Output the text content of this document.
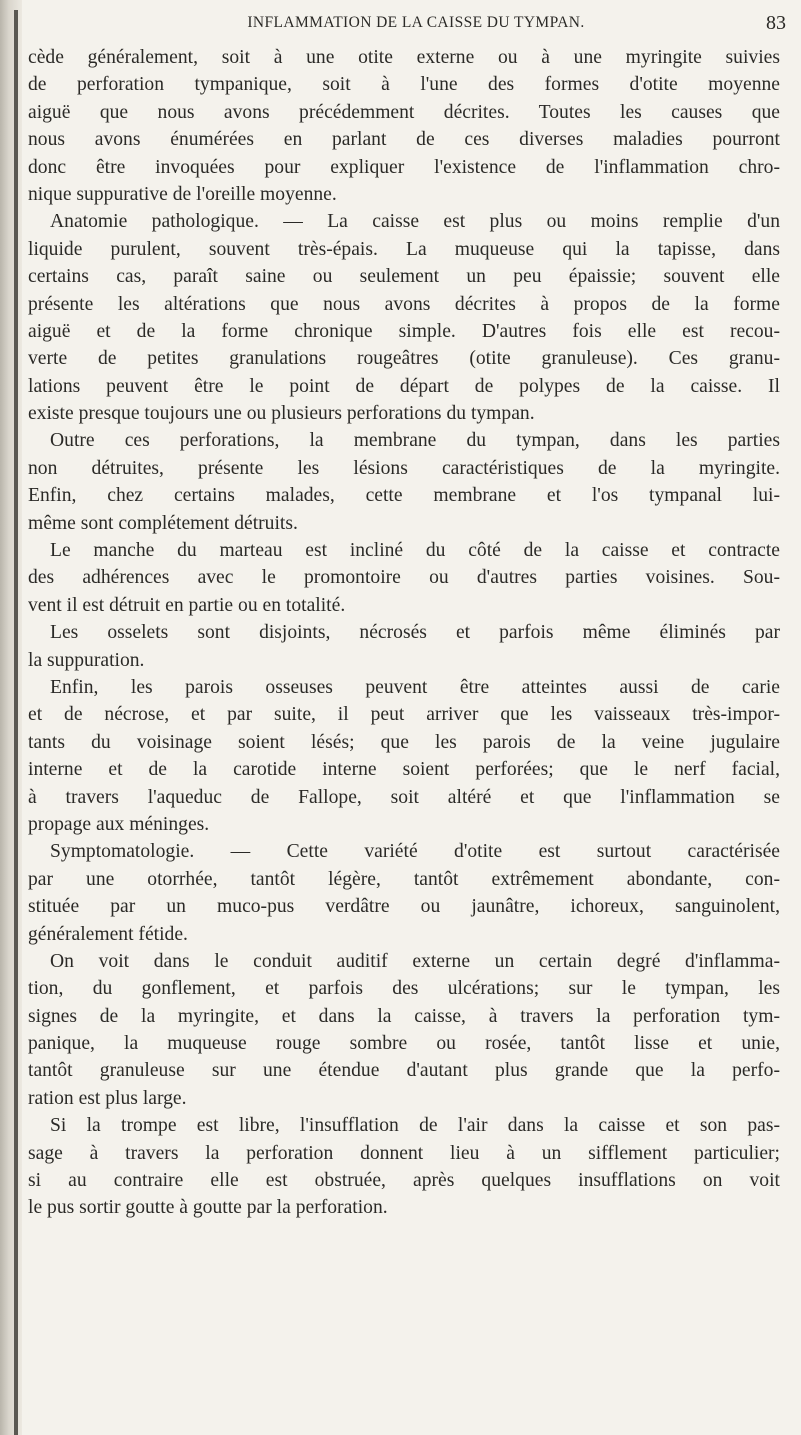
INFLAMMATION DE LA CAISSE DU TYMPAN.	83
cède généralement, soit à une otite externe ou à une myringite suivies
de perforation tympanique, soit à l'une des formes d'otite moyenne
aiguë que nous avons précédemment décrites. Toutes les causes que
nous avons énumérées en parlant de ces diverses maladies pourront
donc être invoquées pour expliquer l'existence de l'inflammation chro-
nique suppurative de l'oreille moyenne.
Anatomie pathologique. — La caisse est plus ou moins remplie d'un
liquide purulent, souvent très-épais. La muqueuse qui la tapisse, dans
certains cas, paraît saine ou seulement un peu épaissie; souvent elle
présente les altérations que nous avons décrites à propos de la forme
aiguë et de la forme chronique simple. D'autres fois elle est recou-
verte de petites granulations rougeâtres (otite granuleuse). Ces granu-
lations peuvent être le point de départ de polypes de la caisse. Il
existe presque toujours une ou plusieurs perforations du tympan.
Outre ces perforations, la membrane du tympan, dans les parties
non détruites, présente les lésions caractéristiques de la myringite.
Enfin, chez certains malades, cette membrane et l'os tympanal lui-
même sont complétement détruits.
Le manche du marteau est incliné du côté de la caisse et contracte
des adhérences avec le promontoire ou d'autres parties voisines. Sou-
vent il est détruit en partie ou en totalité.
Les osselets sont disjoints, nécrosés et parfois même éliminés par
la suppuration.
Enfin, les parois osseuses peuvent être atteintes aussi de carie
et de nécrose, et par suite, il peut arriver que les vaisseaux très-impor-
tants du voisinage soient lésés; que les parois de la veine jugulaire
interne et de la carotide interne soient perforées; que le nerf facial,
à travers l'aqueduc de Fallope, soit altéré et que l'inflammation se
propage aux méninges.
Symptomatologie. — Cette variété d'otite est surtout caractérisée
par une otorrhée, tantôt légère, tantôt extrêmement abondante, con-
stituée par un muco-pus verdâtre ou jaunâtre, ichoreux, sanguinolent,
généralement fétide.
On voit dans le conduit auditif externe un certain degré d'inflamma-
tion, du gonflement, et parfois des ulcérations; sur le tympan, les
signes de la myringite, et dans la caisse, à travers la perforation tym-
panique, la muqueuse rouge sombre ou rosée, tantôt lisse et unie,
tantôt granuleuse sur une étendue d'autant plus grande que la perfo-
ration est plus large.
Si la trompe est libre, l'insufflation de l'air dans la caisse et son pas-
sage à travers la perforation donnent lieu à un sifflement particulier;
si au contraire elle est obstruée, après quelques insufflations on voit
le pus sortir goutte à goutte par la perforation.
